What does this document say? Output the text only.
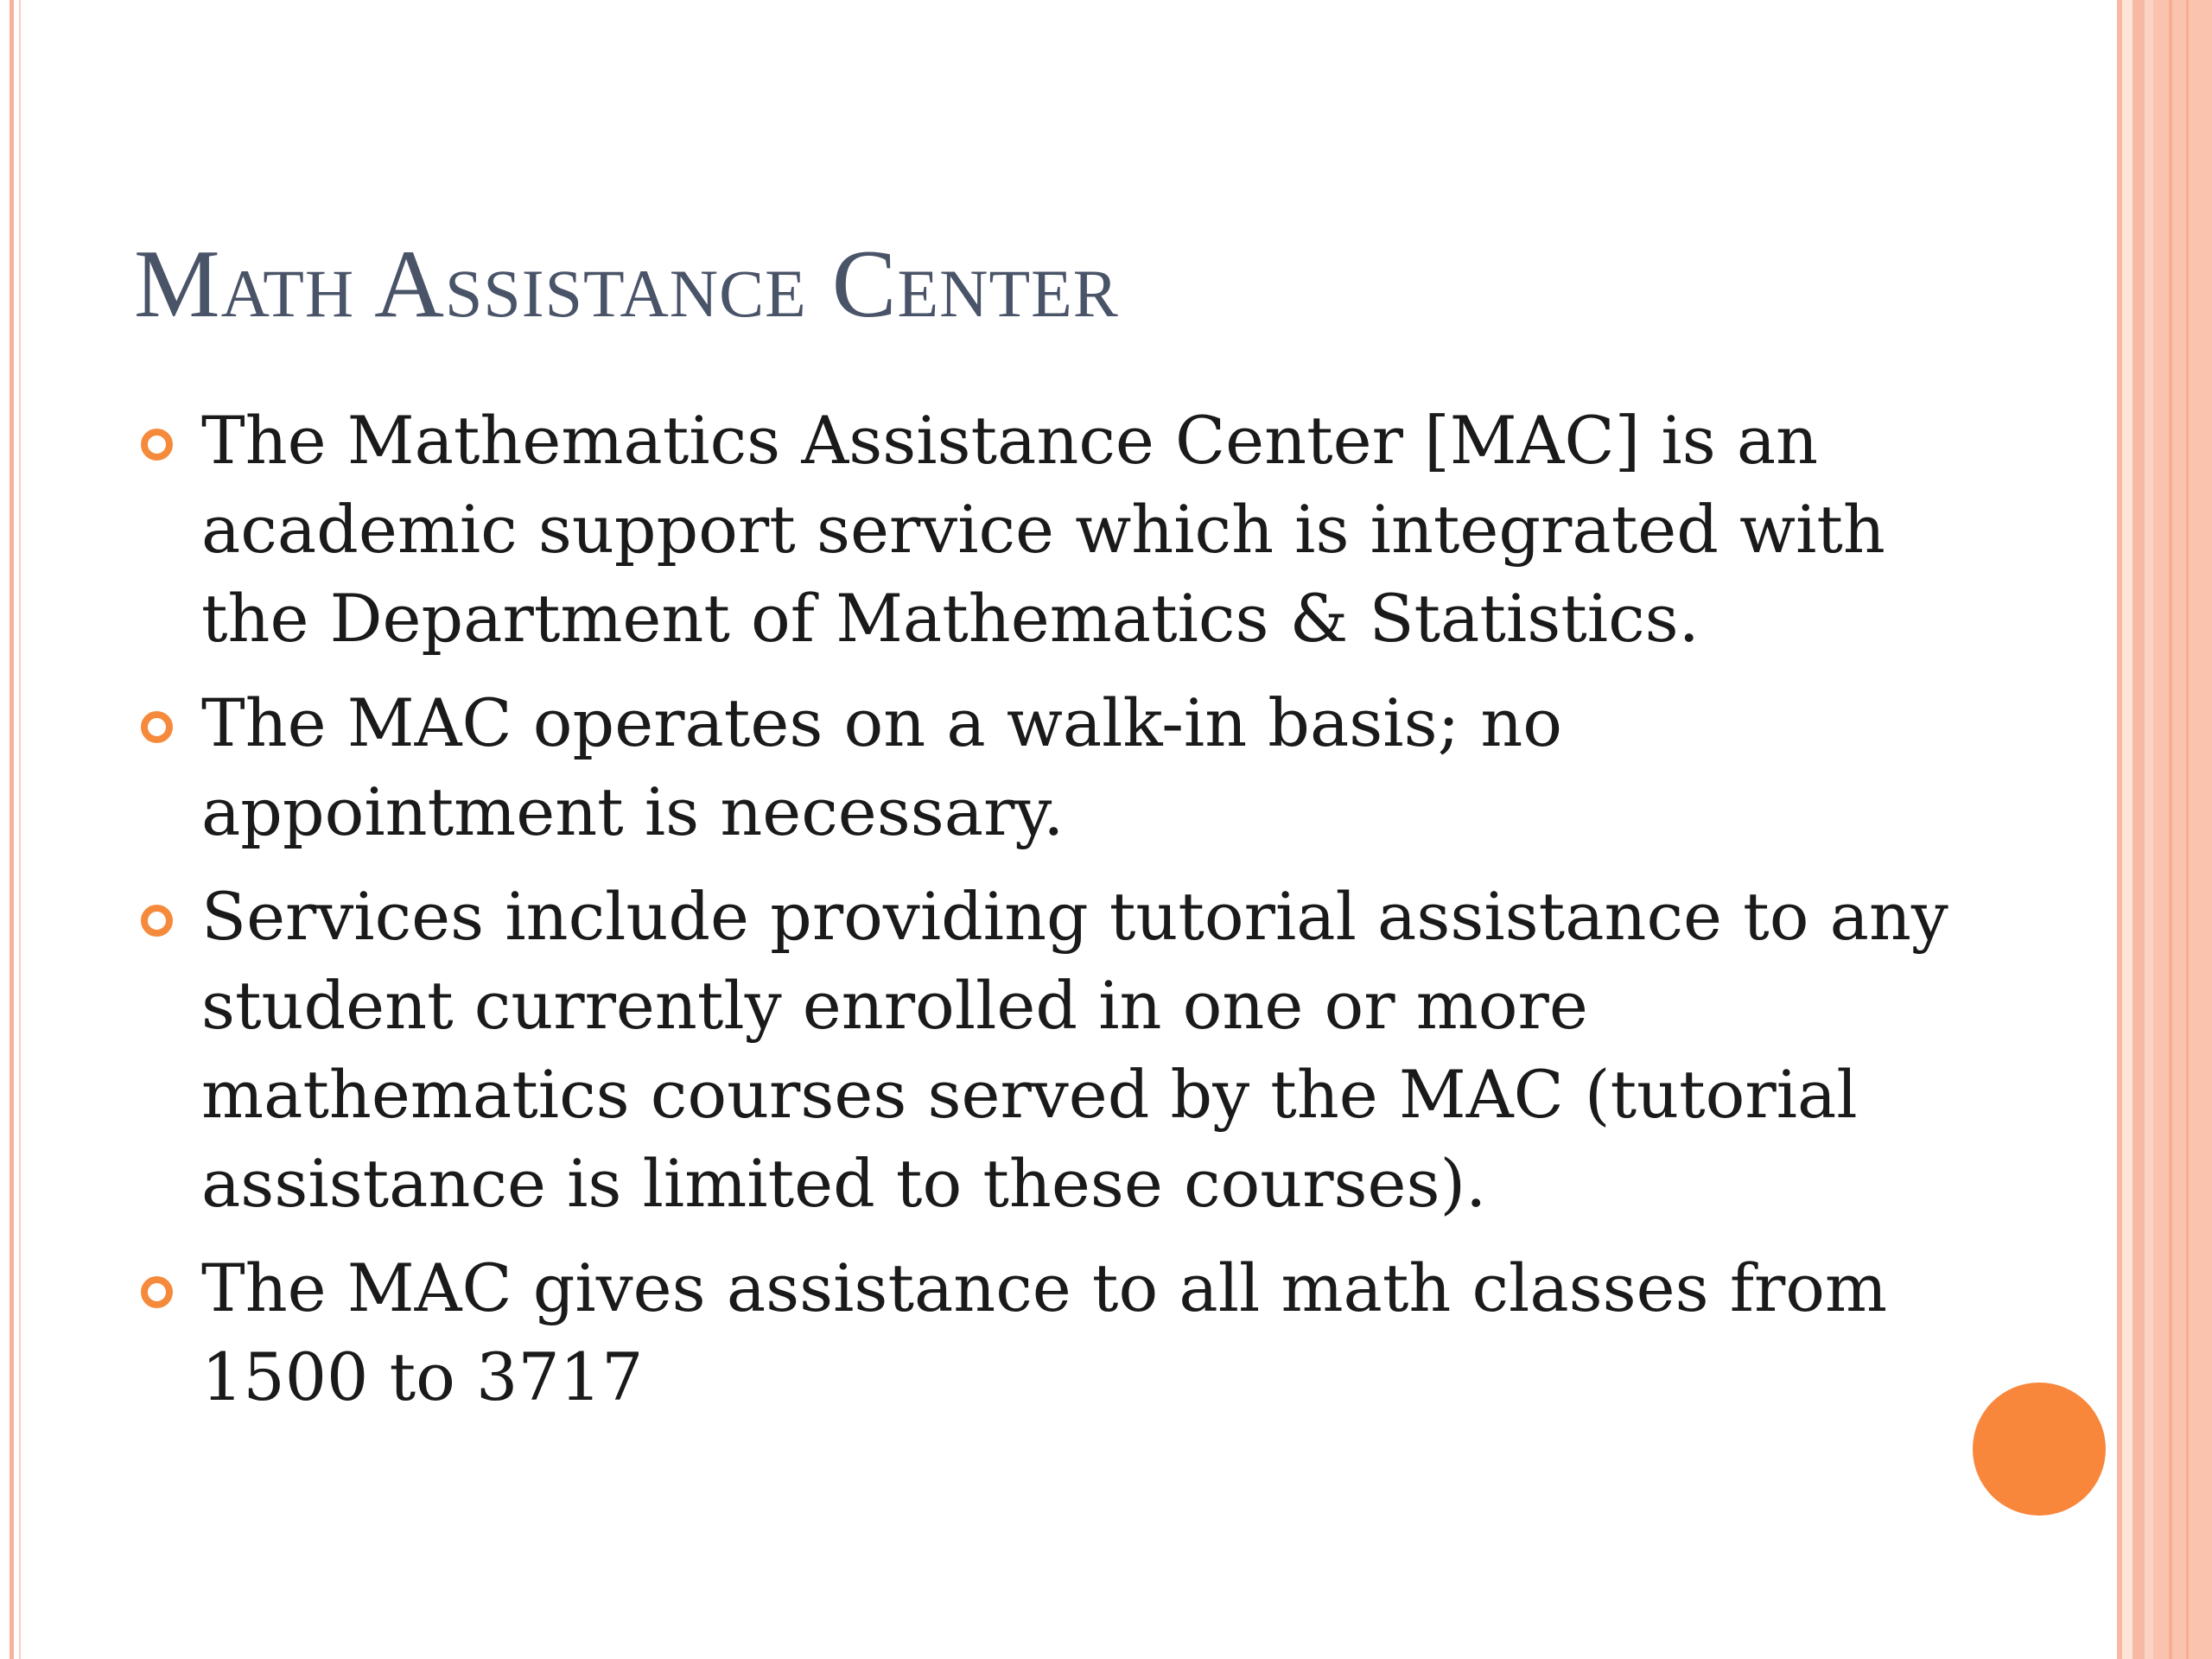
Math Assistance Center
The Mathematics Assistance Center [MAC] is an academic support service which is integrated with the Department of Mathematics & Statistics.
The MAC operates on a walk-in basis; no appointment is necessary.
Services include providing tutorial assistance to any student currently enrolled in one or more mathematics courses served by the MAC (tutorial assistance is limited to these courses).
The MAC gives assistance to all math classes from 1500 to 3717
